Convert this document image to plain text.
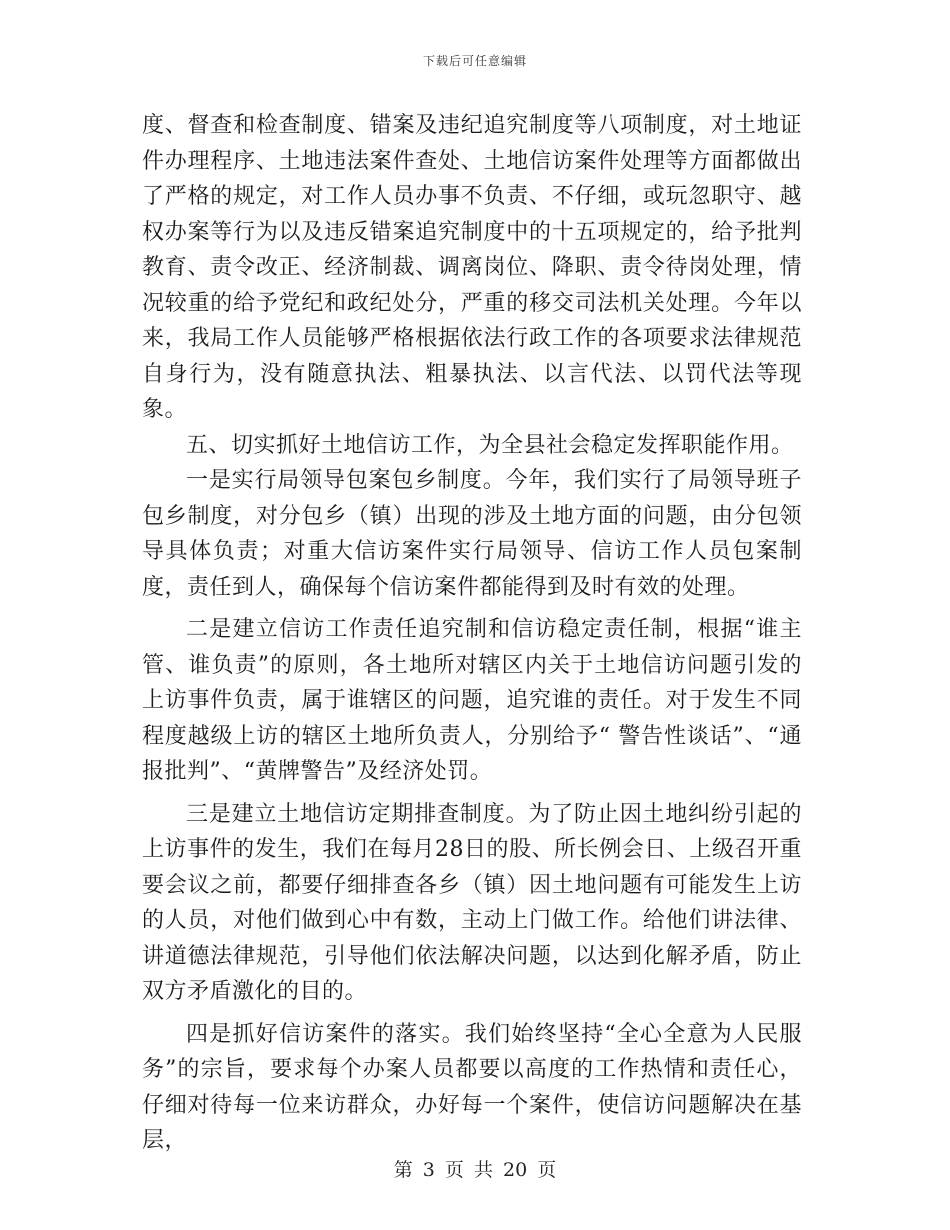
下载后可任意编辑

度、督查和检查制度、错案及违纪追究制度等八项制度，对土地证件办理程序、土地违法案件查处、土地信访案件处理等方面都做出了严格的规定，对工作人员办事不负责、不仔细，或玩忽职守、越权办案等行为以及违反错案追究制度中的十五项规定的，给予批判教育、责令改正、经济制裁、调离岗位、降职、责令待岗处理，情况较重的给予党纪和政纪处分，严重的移交司法机关处理。今年以来，我局工作人员能够严格根据依法行政工作的各项要求法律规范自身行为，没有随意执法、粗暴执法、以言代法、以罚代法等现象。

五、切实抓好土地信访工作，为全县社会稳定发挥职能作用。

一是实行局领导包案包乡制度。今年，我们实行了局领导班子包乡制度，对分包乡（镇）出现的涉及土地方面的问题，由分包领导具体负责；对重大信访案件实行局领导、信访工作人员包案制度，责任到人，确保每个信访案件都能得到及时有效的处理。

二是建立信访工作责任追究制和信访稳定责任制，根据“谁主管、谁负责”的原则，各土地所对辖区内关于土地信访问题引发的上访事件负责，属于谁辖区的问题，追究谁的责任。对于发生不同程度越级上访的辖区土地所负责人，分别给予“ 警告性谈话”、“通报批判”、“黄牌警告”及经济处罚。

三是建立土地信访定期排查制度。为了防止因土地纠纷引起的上访事件的发生，我们在每月28日的股、所长例会日、上级召开重要会议之前，都要仔细排查各乡（镇）因土地问题有可能发生上访的人员，对他们做到心中有数，主动上门做工作。给他们讲法律、讲道德法律规范，引导他们依法解决问题，以达到化解矛盾，防止双方矛盾激化的目的。

四是抓好信访案件的落实。我们始终坚持“全心全意为人民服务”的宗旨，要求每个办案人员都要以高度的工作热情和责任心，仔细对待每一位来访群众，办好每一个案件，使信访问题解决在基层，

第 3 页 共 20 页
